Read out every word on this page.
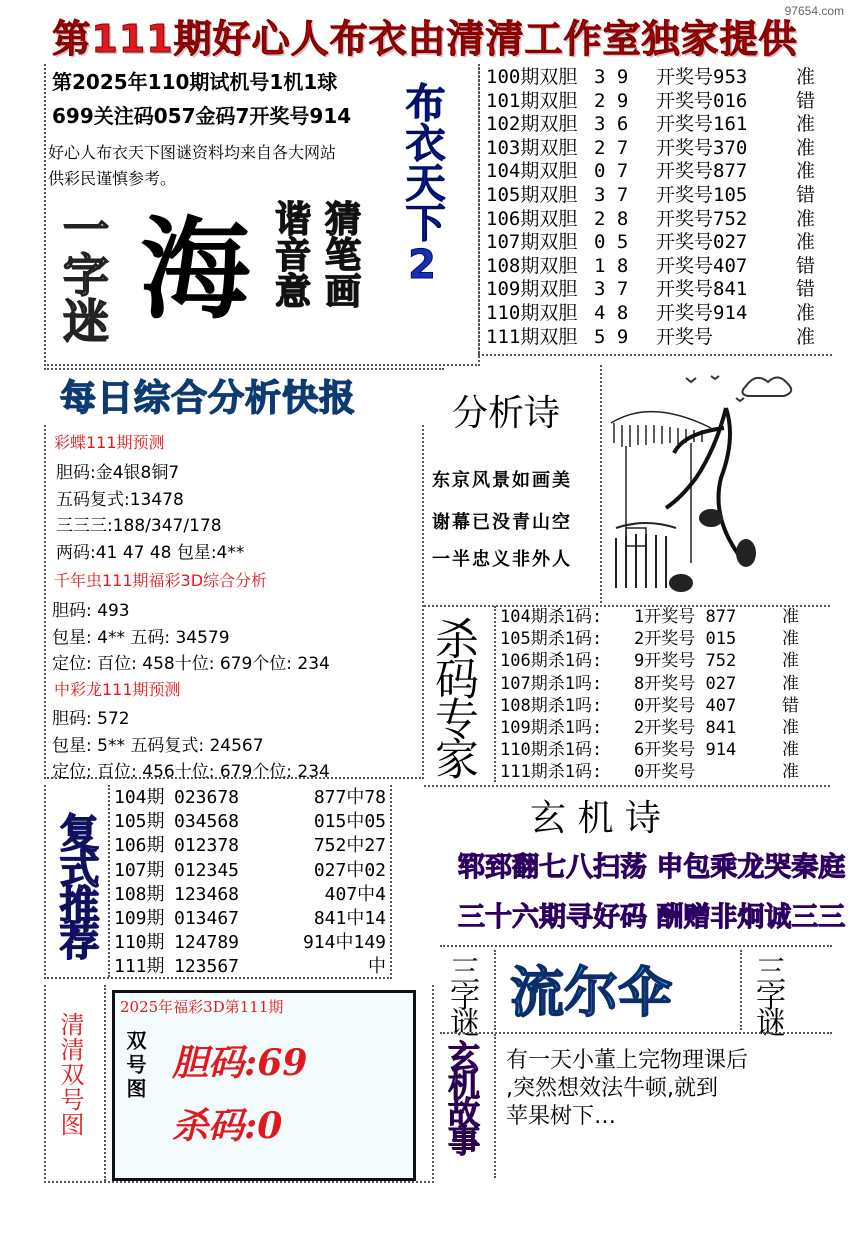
97654.com
第111期好心人布衣由清清工作室独家提供
第2025年110期试机号1机1球
699关注码057金码7开奖号914
好心人布衣天下图谜资料均来自各大网站
供彩民谨慎参考。
一字迷 海 猜笔画
谐音意 布衣天下2
100期双胆 3 9	开奖号953	准
101期双胆 2 9	开奖号016	错
102期双胆 3 6	开奖号161	准
103期双胆 2 7	开奖号370	准
104期双胆 0 7	开奖号877	准
105期双胆 3 7	开奖号105	错
106期双胆 2 8	开奖号752	准
107期双胆 0 5	开奖号027	准
108期双胆 1 8	开奖号407	错
109期双胆 3 7	开奖号841	错
110期双胆 4 8	开奖号914	准
111期双胆 5 9	开奖号	准
每日综合分析快报
彩蝶111期预测
胆码:金4银8铜7
五码复式:13478
三三三:188/347/178
两码:41 47 48 包星:4**
千年虫111期福彩3D综合分析
胆码: 493
包星: 4** 五码: 34579
定位: 百位: 458十位: 679个位: 234
中彩龙111期预测
胆码: 572
包星: 5** 五码复式: 24567
定位: 百位: 456十位: 679个位: 234
分析诗
东京风景如画美
谢幕已没青山空
一半忠义非外人
杀码专家 104期杀1码:	1开奖号 877	准
105期杀1码:	2开奖号 015	准
106期杀1码:	9开奖号 752	准
107期杀1吗:	8开奖号 027	准
108期杀1吗:	0开奖号 407	错
109期杀1吗:	2开奖号 841	准
110期杀1码:	6开奖号 914	准
111期杀1码:	0开奖号	准
复式推荐
104期 023678	877中78
105期 034568	015中05
106期 012378	752中27
107期 012345	027中02
108期 123468	407中4
109期 013467	841中14
110期 124789	914中149
111期 123567	中
玄 机 诗
郓郅翻七八扫荡 申包乘龙哭秦庭
三十六期寻好码 酬赠非炯诚三三
清清双号图
2025年福彩3D第111期
双号图 胆码:69
杀码:0
三字谜	三字谜
流尔伞
玄机故事 有一天小董上完物理课后
,突然想效法牛顿,就到
苹果树下…
